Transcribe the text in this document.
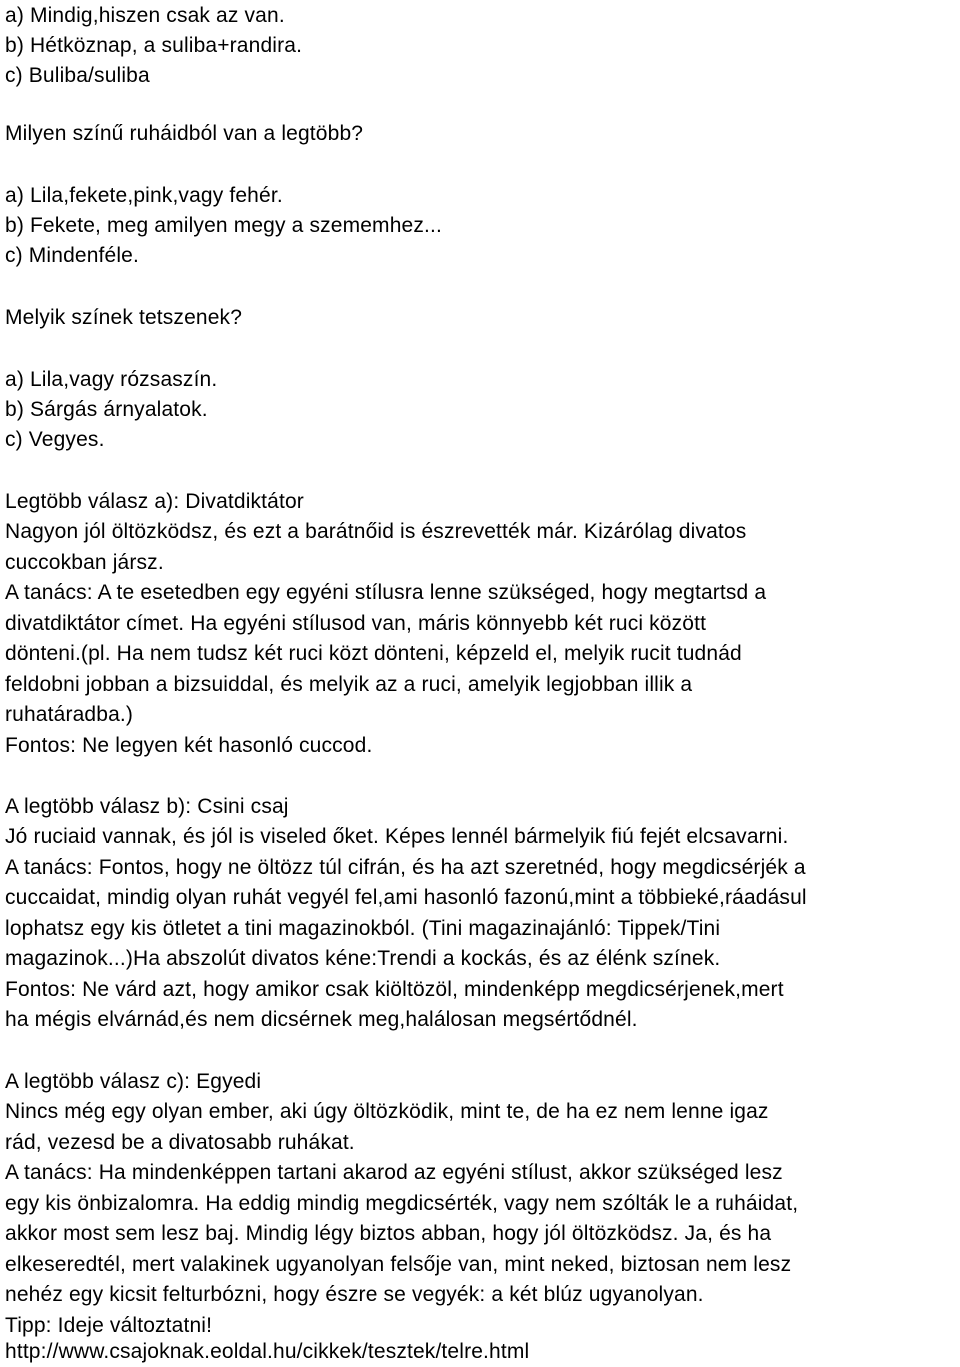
a) Mindig,hiszen csak az van.
b) Hétköznap, a suliba+randira.
c) Buliba/suliba
Milyen színű ruháidból van a legtöbb?
a) Lila,fekete,pink,vagy fehér.
b) Fekete, meg amilyen megy a szememhez...
c) Mindenféle.
Melyik színek tetszenek?
a) Lila,vagy rózsaszín.
b) Sárgás árnyalatok.
c) Vegyes.
Legtöbb válasz a): Divatdiktátor
Nagyon jól öltözködsz, és ezt a barátnőid is észrevették már. Kizárólag divatos
cuccokban jársz.
A tanács: A te esetedben egy egyéni stílusra lenne szükséged, hogy megtartsd a
divatdiktátor címet. Ha egyéni stílusod van, máris könnyebb két ruci között
dönteni.(pl. Ha nem tudsz két ruci közt dönteni, képzeld el, melyik rucit tudnád
feldobni jobban a bizsuiddal, és melyik az a ruci, amelyik legjobban illik a
ruhatáradba.)
Fontos: Ne legyen két hasonló cuccod.
A legtöbb válasz b): Csini csaj
Jó ruciaid vannak, és jól is viseled őket. Képes lennél bármelyik fiú fejét elcsavarni.
A tanács: Fontos, hogy ne öltözz túl cifrán, és ha azt szeretnéd, hogy megdicsérjék a
cuccaidat, mindig olyan ruhát vegyél fel,ami hasonló fazonú,mint a többieké,ráadásul
lophatsz egy kis ötletet a tini magazinokból. (Tini magazinajánló: Tippek/Tini
magazinok...)Ha abszolút divatos kéne:Trendi a kockás, és az élénk színek.
Fontos: Ne várd azt, hogy amikor csak kiöltözöl, mindenképp megdicsérjenek,mert
ha mégis elvárnád,és nem dicsérnek meg,halálosan megsértődnél.
A legtöbb válasz c): Egyedi
Nincs még egy olyan ember, aki úgy öltözködik, mint te, de ha ez nem lenne igaz
rád, vezesd be a divatosabb ruhákat.
A tanács: Ha mindenképpen tartani akarod az egyéni stílust, akkor szükséged lesz
egy kis önbizalomra. Ha eddig mindig megdicsérték, vagy nem szólták le a ruháidat,
akkor most sem lesz baj. Mindig légy biztos abban, hogy jól öltözködsz. Ja, és ha
elkeseredtél, mert valakinek ugyanolyan felsője van, mint neked, biztosan nem lesz
nehéz egy kicsit felturbózni, hogy észre se vegyék: a két blúz ugyanolyan.
Tipp: Ideje változtatni!
http://www.csajoknak.eoldal.hu/cikkek/tesztek/telre.html
